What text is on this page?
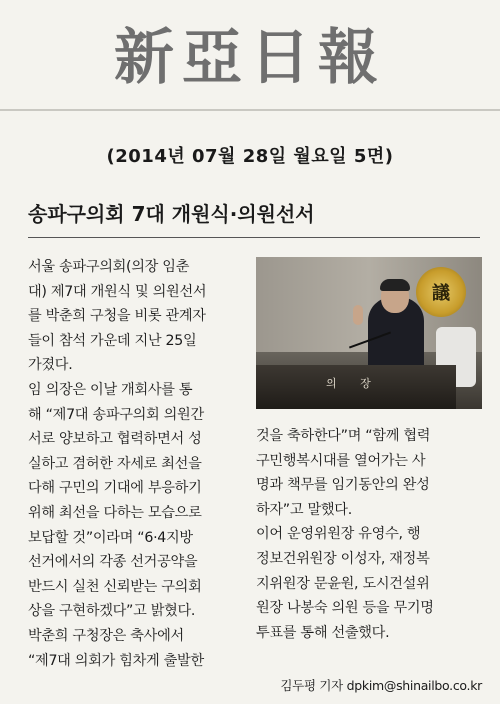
新亞日報
(2014년 07월 28일 월요일 5면)
송파구의회 7대 개원식·의원선서
서울 송파구의회(의장 임춘
대) 제7대 개원식 및 의원선서
를 박춘희 구청을 비롯 관계자
들이 참석 가운데 지난 25일
가졌다.
임 의장은 이날 개회사를 통
해 “제7대 송파구의회 의원간
서로 양보하고 협력하면서 성
실하고 겸허한 자세로 최선을
다해 구민의 기대에 부응하기
위해 최선을 다하는 모습으로
보답할 것”이라며 “6·4지방
선거에서의 각종 선거공약을
반드시 실천 신뢰받는 구의회
상을 구현하겠다”고 밝혔다.
박춘희 구청장은 축사에서
“제7대 의회가 힘차게 출발한
議
의 장
것을 축하한다”며 “함께 협력
구민행복시대를 열어가는 사
명과 책무를 임기동안의 완성
하자”고 말했다.
이어 운영위원장 유영수, 행
정보건위원장 이성자, 재정복
지위원장 문윤원, 도시건설위
원장 나봉숙 의원 등을 무기명
투표를 통해 선출했다.
김두평 기자 dpkim@shinailbo.co.kr
